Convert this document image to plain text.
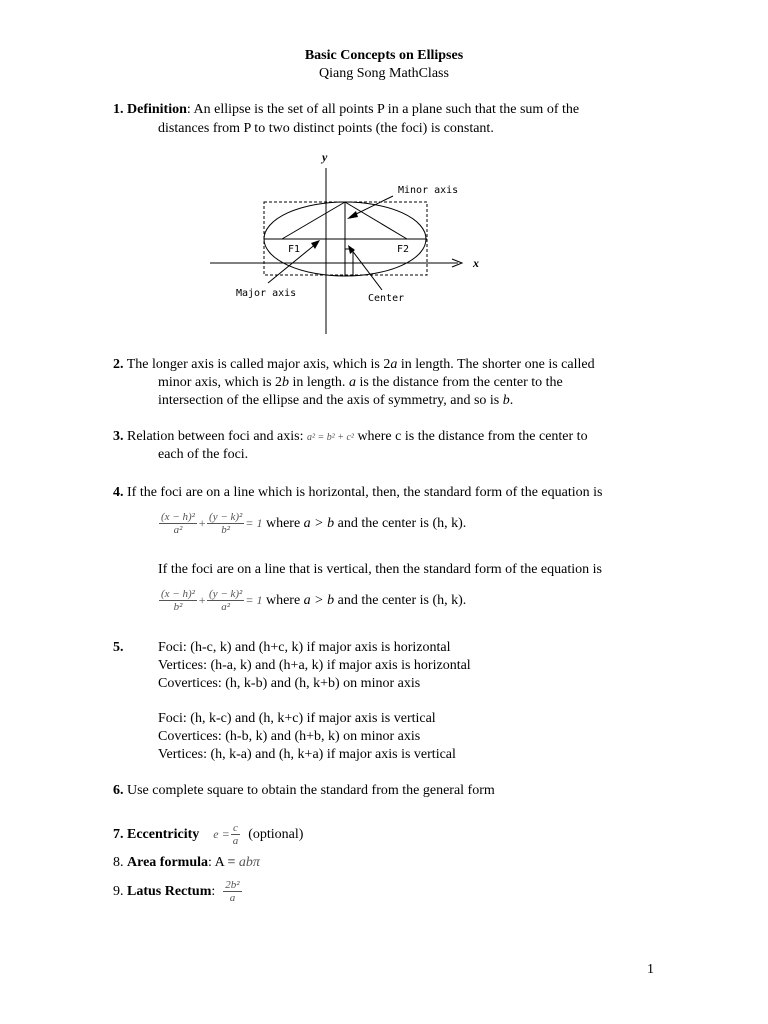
Basic Concepts on Ellipses
Qiang Song MathClass
1. Definition: An ellipse is the set of all points P in a plane such that the sum of the
distances from P to two distinct points (the foci) is constant.
y
x
Minor axis
F1	F2
Major axis	Center
2. The longer axis is called major axis, which is 2a in length. The shorter one is called
minor axis, which is 2b in length. a is the distance from the center to the
intersection of the ellipse and the axis of symmetry, and so is b.
3. Relation between foci and axis: a² = b² + c² where c is the distance from the center to
each of the foci.
4. If the foci are on a line which is horizontal, then, the standard form of the equation is
$\frac{\text{(x − h)²}}{\text{a²}} + \frac{\text{(y − k)²}}{\text{b²}} = 1$ where a > b and the center is (h, k).
If the foci are on a line that is vertical, then the standard form of the equation is
$\frac{\text{(x − h)²}}{\text{b²}} + \frac{\text{(y − k)²}}{\text{a²}} = 1$ where a > b and the center is (h, k).
5. Foci: (h-c, k) and (h+c, k) if major axis is horizontal
Vertices: (h-a, k) and (h+a, k) if major axis is horizontal
Covertices: (h, k-b) and (h, k+b) on minor axis
Foci: (h, k-c) and (h, k+c) if major axis is vertical
Covertices: (h-b, k) and (h+b, k) on minor axis
Vertices: (h, k-a) and (h, k+a) if major axis is vertical
6. Use complete square to obtain the standard from the general form
7. Eccentricity $e = \frac{c}{a}$ (optional)
8. Area formula: A = abπ
9. Latus Rectum: $\frac{\text{2b²}}{a}$
1
